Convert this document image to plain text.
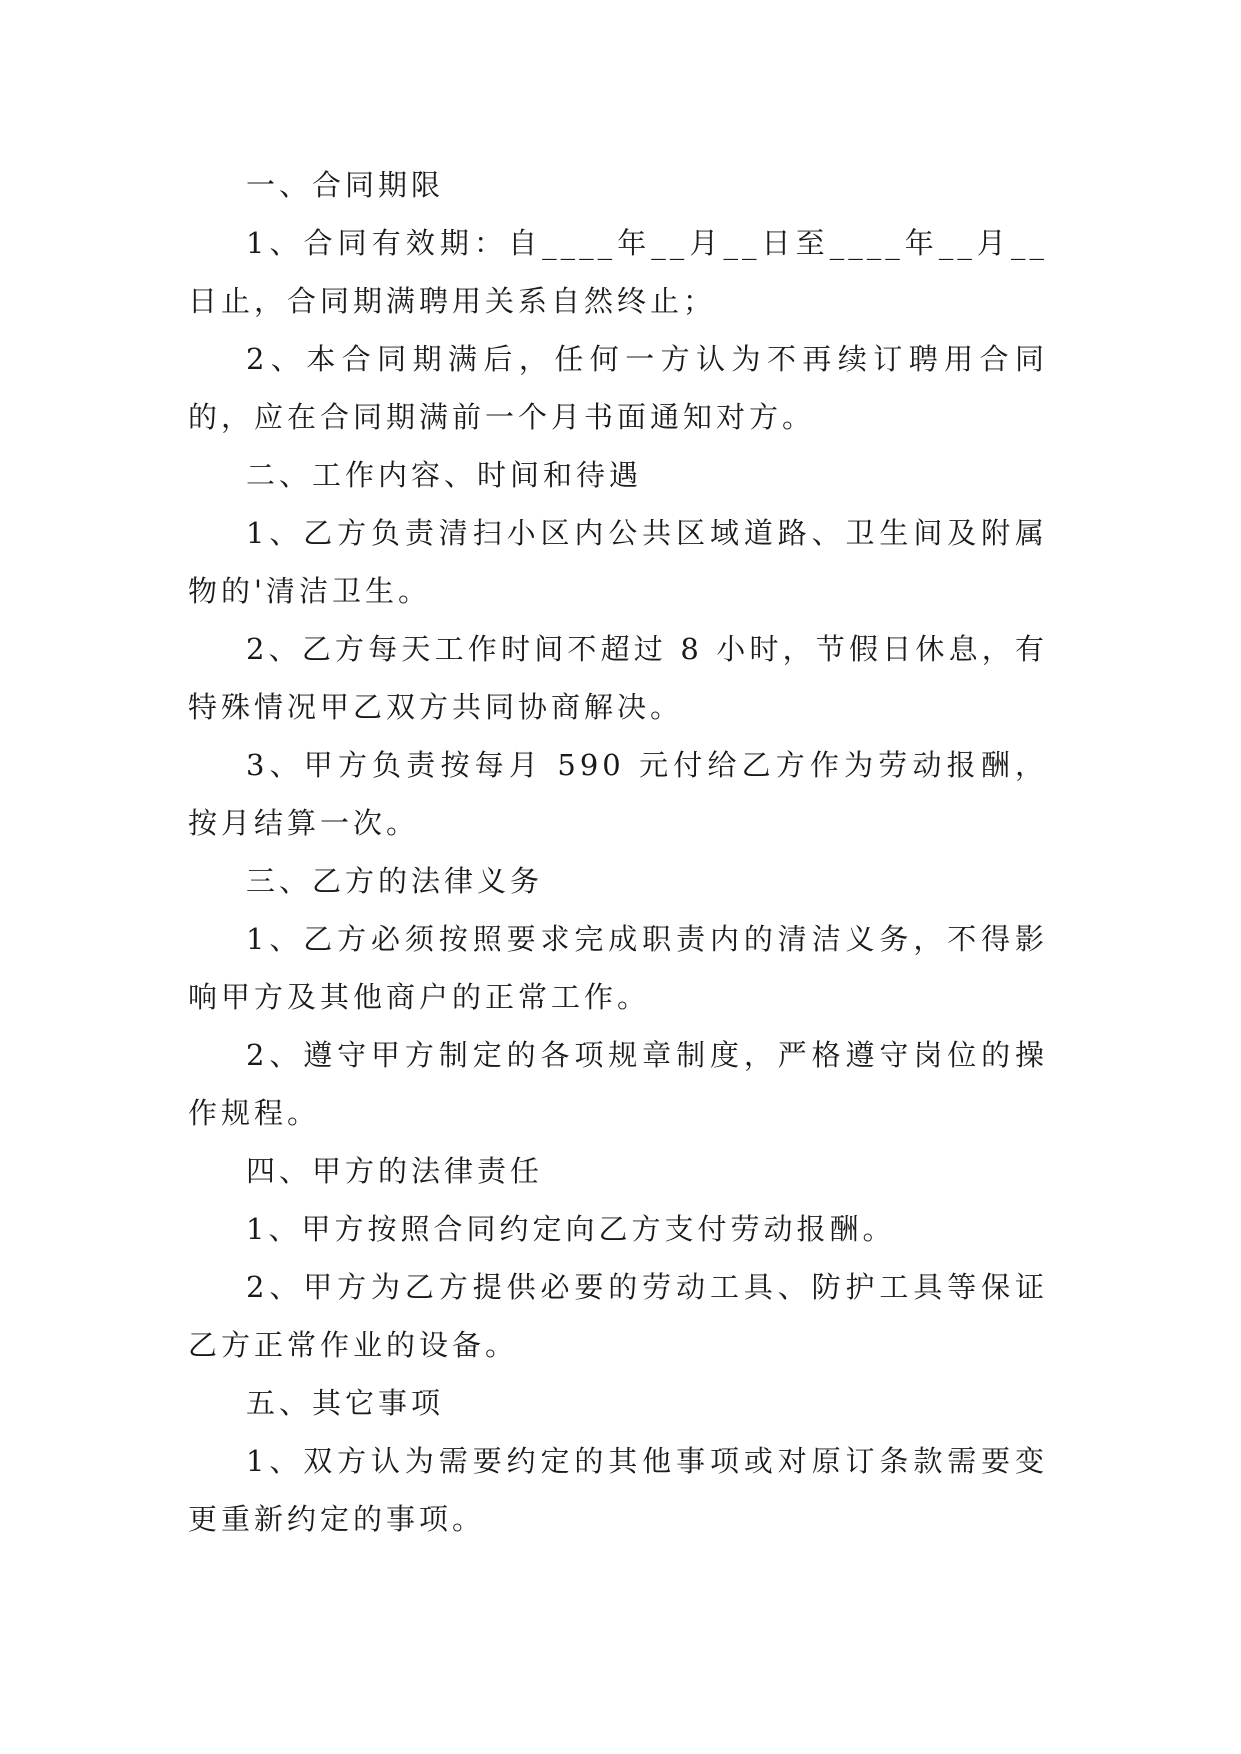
一、合同期限

1、合同有效期：自____年__月__日至____年__月__日止，合同期满聘用关系自然终止；

2、本合同期满后，任何一方认为不再续订聘用合同的，应在合同期满前一个月书面通知对方。

二、工作内容、时间和待遇

1、乙方负责清扫小区内公共区域道路、卫生间及附属物的'清洁卫生。

2、乙方每天工作时间不超过 8 小时，节假日休息，有特殊情况甲乙双方共同协商解决。

3、甲方负责按每月 590 元付给乙方作为劳动报酬，按月结算一次。

三、乙方的法律义务

1、乙方必须按照要求完成职责内的清洁义务，不得影响甲方及其他商户的正常工作。

2、遵守甲方制定的各项规章制度，严格遵守岗位的操作规程。

四、甲方的法律责任

1、甲方按照合同约定向乙方支付劳动报酬。

2、甲方为乙方提供必要的劳动工具、防护工具等保证乙方正常作业的设备。

五、其它事项

1、双方认为需要约定的其他事项或对原订条款需要变更重新约定的事项。
